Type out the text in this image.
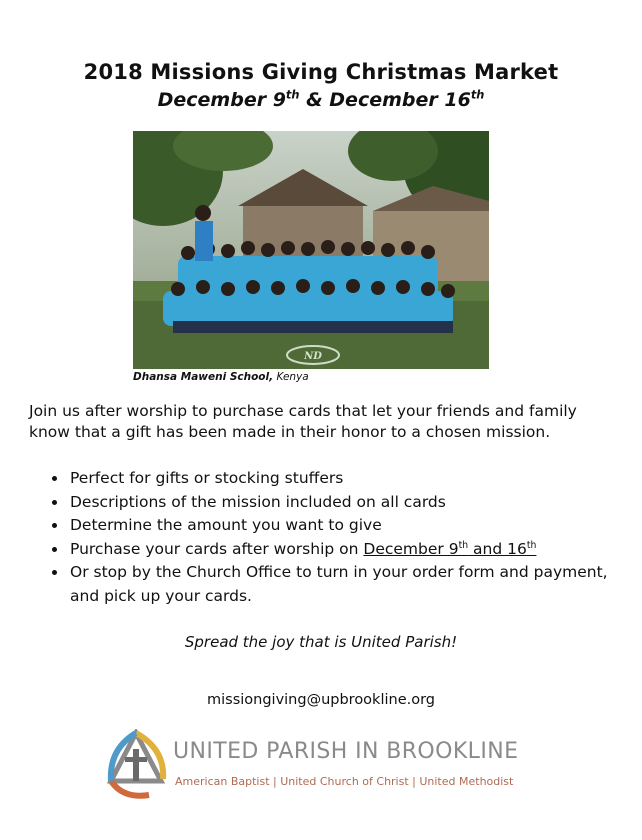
2018 Missions Giving Christmas Market
December 9th & December 16th
ND
Dhansa Maweni School, Kenya
Join us after worship to purchase cards that let your friends and family know that a gift has been made in their honor to a chosen mission.
• Perfect for gifts or stocking stuffers
• Descriptions of the mission included on all cards
• Determine the amount you want to give
• Purchase your cards after worship on December 9th and 16th
• Or stop by the Church Office to turn in your order form and payment, and pick up your cards.
Spread the joy that is United Parish!
missiongiving@upbrookline.org
UNITED PARISH IN BROOKLINE
American Baptist | United Church of Christ | United Methodist
